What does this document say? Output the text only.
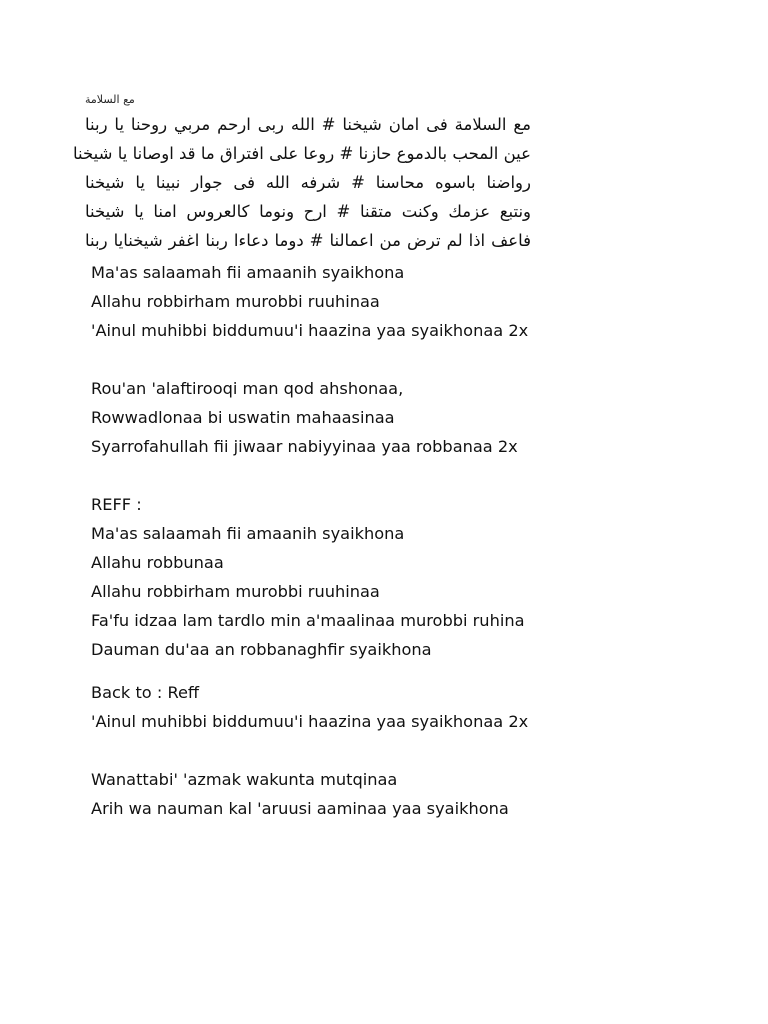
مع السلامة
مع السلامة فى امان شيخنا # الله ربى ارحم مربي روحنا يا ربنا
عين المحب بالدموع حازنا # روعا على افتراق ما قد اوصانا يا شيخنا
رواضنا باسوه محاسنا # شرفه الله فى جوار نبينا يا شيخنا
ونتبع عزمك وكنت متقنا # ارح ونوما كالعروس امنا يا شيخنا
فاعف اذا لم ترض من اعمالنا # دوما دعاءا ربنا اغفر شيخنايا ربنا
Ma'as salaamah fii amaanih syaikhona
Allahu robbirham murobbi ruuhinaa
'Ainul muhibbi biddumuu'i haazina yaa syaikhonaa 2x
Rou'an 'alaftirooqi man qod ahshonaa,
Rowwadlonaa bi uswatin mahaasinaa
Syarrofahullah fii jiwaar nabiyyinaa yaa robbanaa 2x
REFF :
Ma'as salaamah fii amaanih syaikhona
Allahu robbunaa
Allahu robbirham murobbi ruuhinaa
Fa'fu idzaa lam tardlo min a'maalinaa murobbi ruhina
Dauman du'aa an robbanaghfir syaikhona
Back to : Reff
'Ainul muhibbi biddumuu'i haazina yaa syaikhonaa 2x
Wanattabi' 'azmak wakunta mutqinaa
Arih wa nauman kal 'aruusi aaminaa yaa syaikhona
